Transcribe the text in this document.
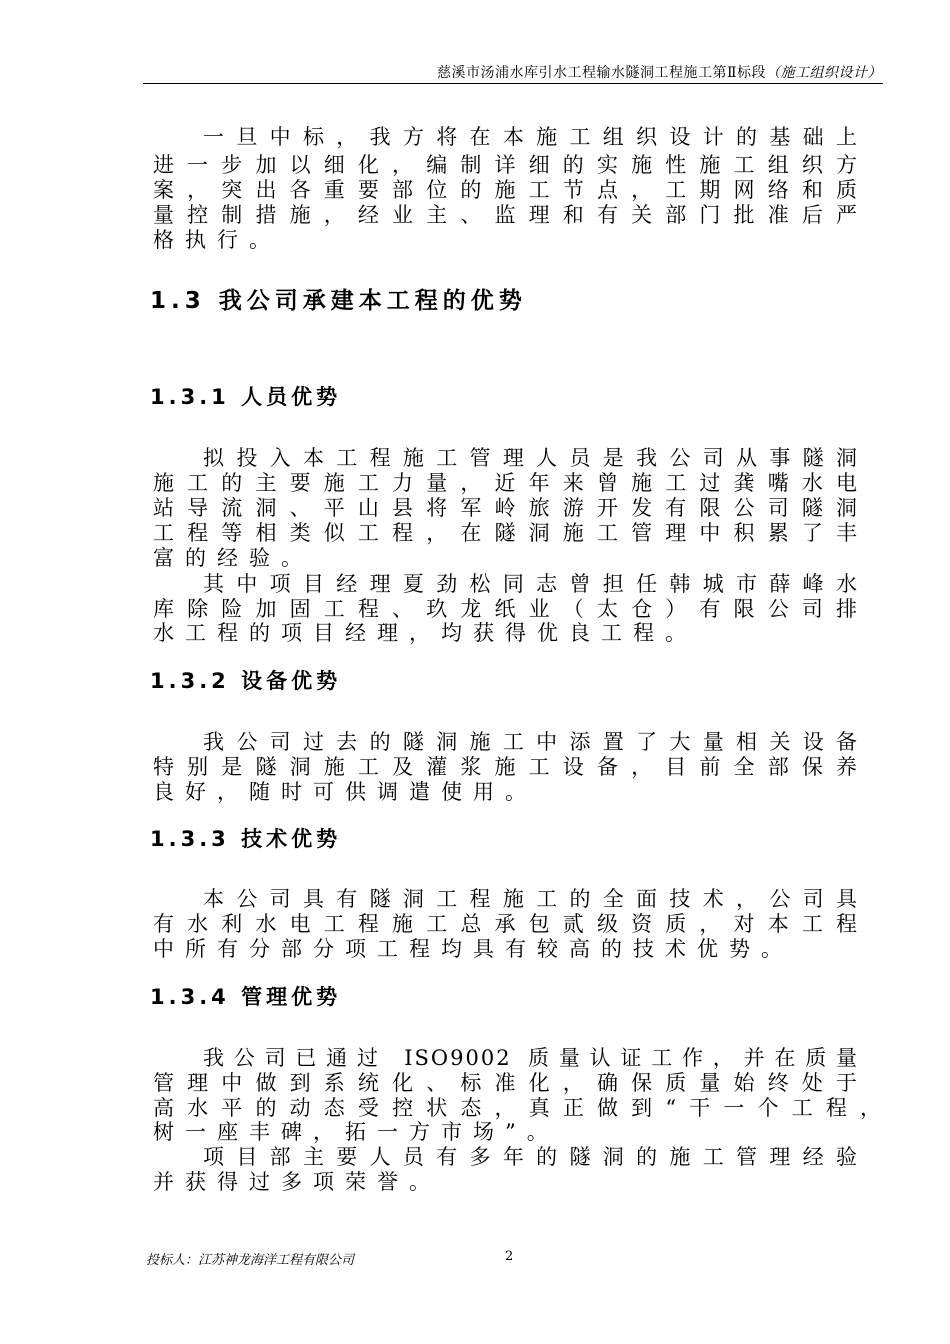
慈溪市汤浦水库引水工程输水隧洞工程施工第Ⅱ标段（施工组织设计）
一旦中标，我方将在本施工组织设计的基础上
进一步加以细化，编制详细的实施性施工组织方
案，突出各重要部位的施工节点，工期网络和质
量控制措施，经业主、监理和有关部门批准后严
格执行。
1.3 我公司承建本工程的优势
1.3.1 人员优势
拟投入本工程施工管理人员是我公司从事隧洞
施工的主要施工力量，近年来曾施工过龚嘴水电
站导流洞、平山县将军岭旅游开发有限公司隧洞
工程等相类似工程，在隧洞施工管理中积累了丰
富的经验。
其中项目经理夏劲松同志曾担任韩城市薛峰水
库除险加固工程、玖龙纸业（太仓）有限公司排
水工程的项目经理，均获得优良工程。
1.3.2 设备优势
我公司过去的隧洞施工中添置了大量相关设备
特别是隧洞施工及灌浆施工设备，目前全部保养
良好，随时可供调遣使用。
1.3.3 技术优势
本公司具有隧洞工程施工的全面技术，公司具
有水利水电工程施工总承包贰级资质，对本工程
中所有分部分项工程均具有较高的技术优势。
1.3.4 管理优势
我公司已通过 ISO9002 质量认证工作，并在质量
管理中做到系统化、标准化，确保质量始终处于
高水平的动态受控状态，真正做到“干一个工程，
树一座丰碑，拓一方市场”。
项目部主要人员有多年的隧洞的施工管理经验
并获得过多项荣誉。
投标人：江苏神龙海洋工程有限公司	2
